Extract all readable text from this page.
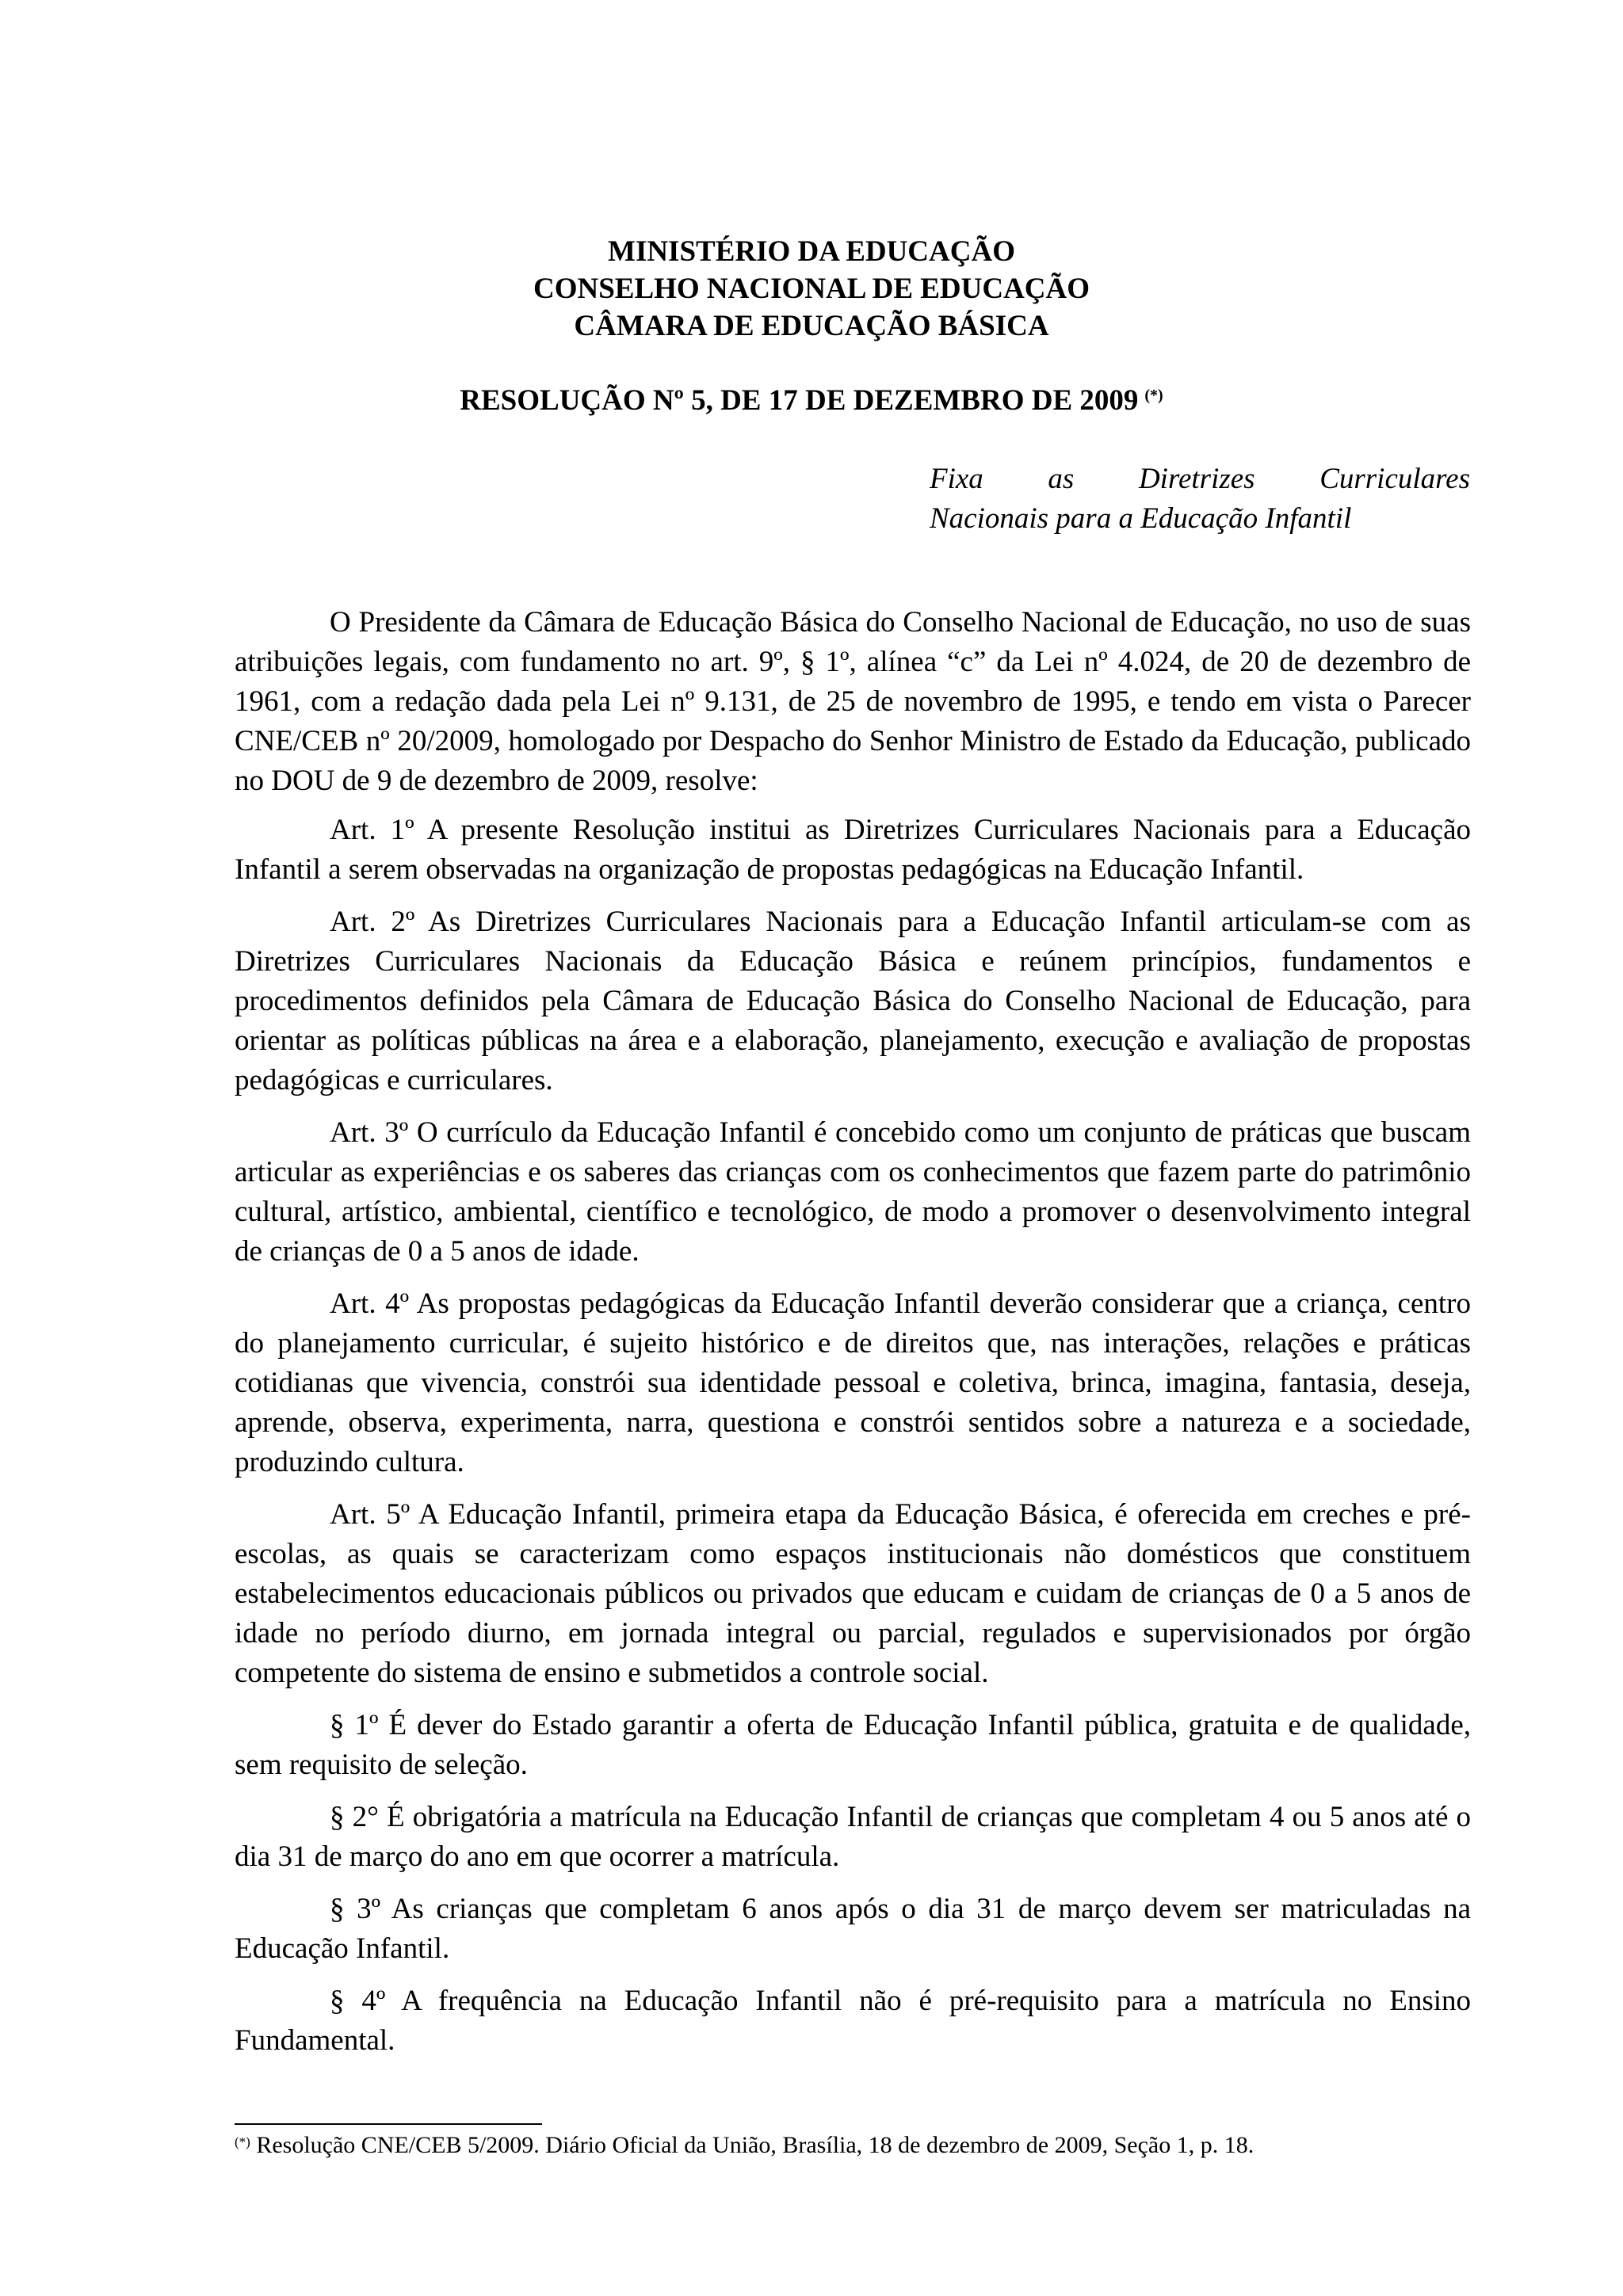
MINISTÉRIO DA EDUCAÇÃO
CONSELHO NACIONAL DE EDUCAÇÃO
CÂMARA DE EDUCAÇÃO BÁSICA
RESOLUÇÃO Nº 5, DE 17 DE DEZEMBRO DE 2009 (*)
Fixa as Diretrizes Curriculares
Nacionais para a Educação Infantil

O Presidente da Câmara de Educação Básica do Conselho Nacional de Educação, no uso de suas atribuições legais, com fundamento no art. 9º, § 1º, alínea “c” da Lei nº 4.024, de 20 de dezembro de 1961, com a redação dada pela Lei nº 9.131, de 25 de novembro de 1995, e tendo em vista o Parecer CNE/CEB nº 20/2009, homologado por Despacho do Senhor Ministro de Estado da Educação, publicado no DOU de 9 de dezembro de 2009, resolve:

Art. 1º A presente Resolução institui as Diretrizes Curriculares Nacionais para a Educação Infantil a serem observadas na organização de propostas pedagógicas na Educação Infantil.

Art. 2º As Diretrizes Curriculares Nacionais para a Educação Infantil articulam-se com as Diretrizes Curriculares Nacionais da Educação Básica e reúnem princípios, fundamentos e procedimentos definidos pela Câmara de Educação Básica do Conselho Nacional de Educação, para orientar as políticas públicas na área e a elaboração, planejamento, execução e avaliação de propostas pedagógicas e curriculares.

Art. 3º O currículo da Educação Infantil é concebido como um conjunto de práticas que buscam articular as experiências e os saberes das crianças com os conhecimentos que fazem parte do patrimônio cultural, artístico, ambiental, científico e tecnológico, de modo a promover o desenvolvimento integral de crianças de 0 a 5 anos de idade.

Art. 4º As propostas pedagógicas da Educação Infantil deverão considerar que a criança, centro do planejamento curricular, é sujeito histórico e de direitos que, nas interações, relações e práticas cotidianas que vivencia, constrói sua identidade pessoal e coletiva, brinca, imagina, fantasia, deseja, aprende, observa, experimenta, narra, questiona e constrói sentidos sobre a natureza e a sociedade, produzindo cultura.

Art. 5º A Educação Infantil, primeira etapa da Educação Básica, é oferecida em creches e pré-escolas, as quais se caracterizam como espaços institucionais não domésticos que constituem estabelecimentos educacionais públicos ou privados que educam e cuidam de crianças de 0 a 5 anos de idade no período diurno, em jornada integral ou parcial, regulados e supervisionados por órgão competente do sistema de ensino e submetidos a controle social.

§ 1º É dever do Estado garantir a oferta de Educação Infantil pública, gratuita e de qualidade, sem requisito de seleção.

§ 2° É obrigatória a matrícula na Educação Infantil de crianças que completam 4 ou 5 anos até o dia 31 de março do ano em que ocorrer a matrícula.

§ 3º As crianças que completam 6 anos após o dia 31 de março devem ser matriculadas na Educação Infantil.

§ 4º A frequência na Educação Infantil não é pré-requisito para a matrícula no Ensino Fundamental.

(*) Resolução CNE/CEB 5/2009. Diário Oficial da União, Brasília, 18 de dezembro de 2009, Seção 1, p. 18.
